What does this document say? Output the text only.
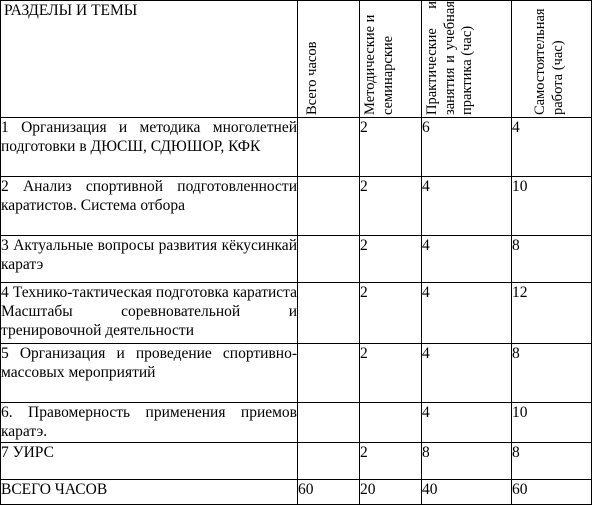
РАЗДЕЛЫ И ТЕМЫ	Всего часов	Методические и семинарские	Практические и занятия и учебная практика (час)	Самостоятельная работа (час)

1 Организация и методика многолетней подготовки в ДЮСШ, СДЮШОР, КФК		2	6	4
2 Анализ спортивной подготовленности каратистов. Система отбора		2	4	10
3 Актуальные вопросы развития кёкусинкай каратэ		2	4	8
4 Технико-тактическая подготовка каратиста Масштабы соревновательной и тренировочной деятельности		2	4	12
5 Организация и проведение спортивно-массовых мероприятий		2	4	8
6. Правомерность применения приемов каратэ.			4	10
7 УИРС		2	8	8
ВСЕГО ЧАСОВ	60	20	40	60
